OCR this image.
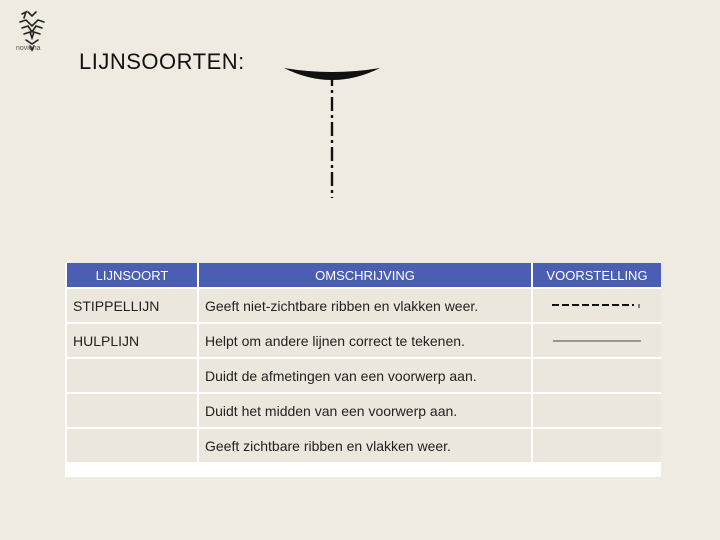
noviena
LIJNSOORTEN:
LIJNSOORT	OMSCHRIJVING	VOORSTELLING
STIPPELLIJN	Geeft niet-zichtbare ribben en vlakken weer.	

HULPLIJN	Helpt om andere lijnen correct te tekenen.	

	Duidt de afmetingen van een voorwerp aan.	
	Duidt het midden van een voorwerp aan.	
	Geeft zichtbare ribben en vlakken weer.	
